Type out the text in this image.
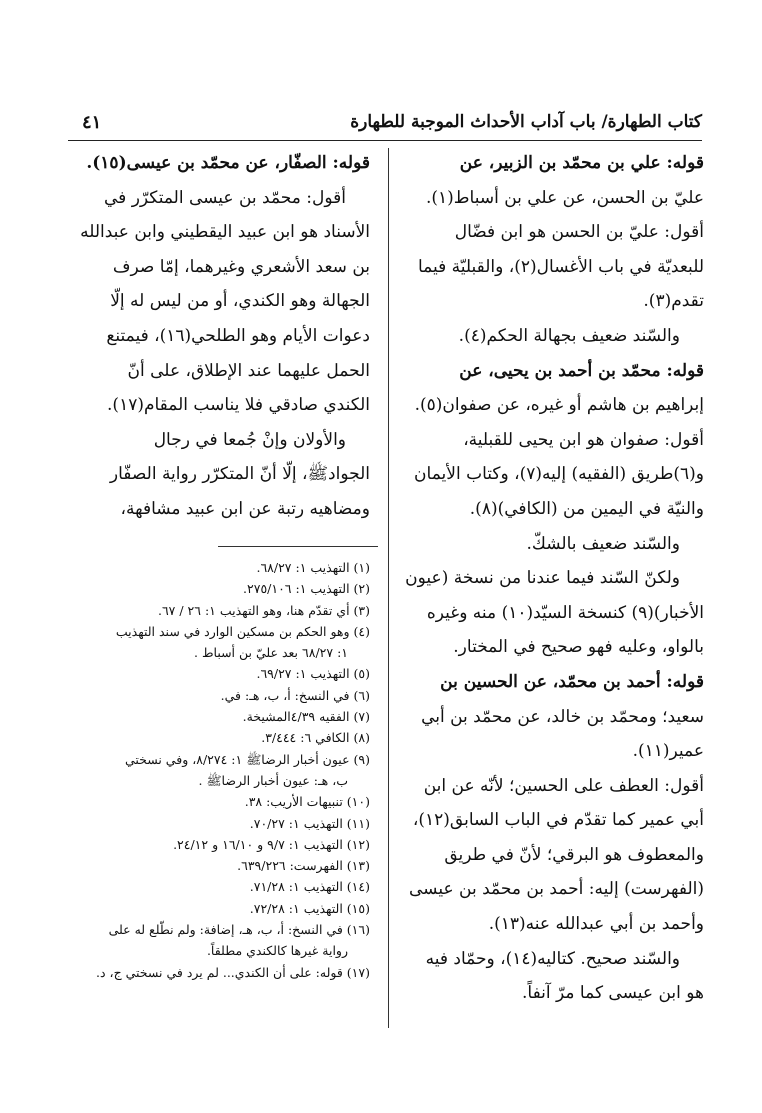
كتاب الطهارة/ باب آداب الأحداث الموجبة للطهارة
٤١

قوله: علي بن محمّد بن الزبير، عن

عليّ بن الحسن، عن علي بن أسباط(١).

أقول: عليّ بن الحسن هو ابن فضّال

للبعديّة في باب الأغسال(٢)، والقبليّة فيما

تقدم(٣).

والسّند ضعيف بجهالة الحكم(٤).

قوله: محمّد بن أحمد بن يحيى، عن

إبراهيم بن هاشم أو غيره، عن صفوان(٥).

أقول: صفوان هو ابن يحيى للقبلية،

و(٦)طريق (الفقيه) إليه(٧)، وكتاب الأيمان

والنيّة في اليمين من (الكافي)(٨).

والسّند ضعيف بالشكّ.

ولكنّ السّند فيما عندنا من نسخة (عيون

الأخبار)(٩) كنسخة السيّد(١٠) منه وغيره

بالواو، وعليه فهو صحيح في المختار.

قوله: أحمد بن محمّد، عن الحسين بن

سعيد؛ ومحمّد بن خالد، عن محمّد بن أبي

عمير(١١).

أقول: العطف على الحسين؛ لأنّه عن ابن

أبي عمير كما تقدّم في الباب السابق(١٢)،

والمعطوف هو البرقي؛ لأنّ في طريق

(الفهرست) إليه: أحمد بن محمّد بن عيسى

وأحمد بن أبي عبدالله عنه(١٣).

والسّند صحيح. كتاليه(١٤)، وحمّاد فيه

هو ابن عيسى كما مرّ آنفاً.

قوله: الصفّار، عن محمّد بن عيسى(١٥).

أقول: محمّد بن عيسى المتكرّر في

الأسناد هو ابن عبيد اليقطيني وابن عبدالله

بن سعد الأشعري وغيرهما، إمّا صرف

الجهالة وهو الكندي، أو من ليس له إلّا

دعوات الأيام وهو الطلحي(١٦)، فيمتنع

الحمل عليهما عند الإطلاق، على أنّ

الكندي صادقي فلا يناسب المقام(١٧).

والأولان وإنْ جُمعا في رجال

الجوادﷺ، إلّا أنّ المتكرّر رواية الصفّار

ومضاهيه رتبة عن ابن عبيد مشافهة،

(١) التهذيب ١: ٦٨/٢٧.
(٢) التهذيب ١: ٢٧٥/١٠٦.
(٣) أي تقدّم هنا، وهو التهذيب ١: ٢٦ / ٦٧.
(٤) وهو الحكم بن مسكين الوارد في سند التهذيب
١: ٦٨/٢٧ بعد عليّ بن أسباط .
(٥) التهذيب ١: ٦٩/٢٧.
(٦) في النسخ: أ، ب، هـ: في.
(٧) الفقيه ٤/٣٩المشيخة.
(٨) الكافي ٦: ٣/٤٤٤.
(٩) عيون أخبار الرضاﷺ ١: ٨/٢٧٤، وفي نسختي
ب، هـ: عيون أخبار الرضاﷺ .
(١٠) تنبيهات الأريب: ٣٨.
(١١) التهذيب ١: ٧٠/٢٧.
(١٢) التهذيب ١: ٩/٧ و ١٦/١٠ و ٢٤/١٢.
(١٣) الفهرست: ٦٣٩/٢٢٦.
(١٤) التهذيب ١: ٧١/٢٨.
(١٥) التهذيب ١: ٧٢/٢٨.
(١٦) في النسخ: أ، ب، هـ، إضافة: ولم نطّلع له على
رواية غيرها كالكندي مطلقاً.
(١٧) قوله: على أن الكندي... لم يرد في نسختي ج، د.
